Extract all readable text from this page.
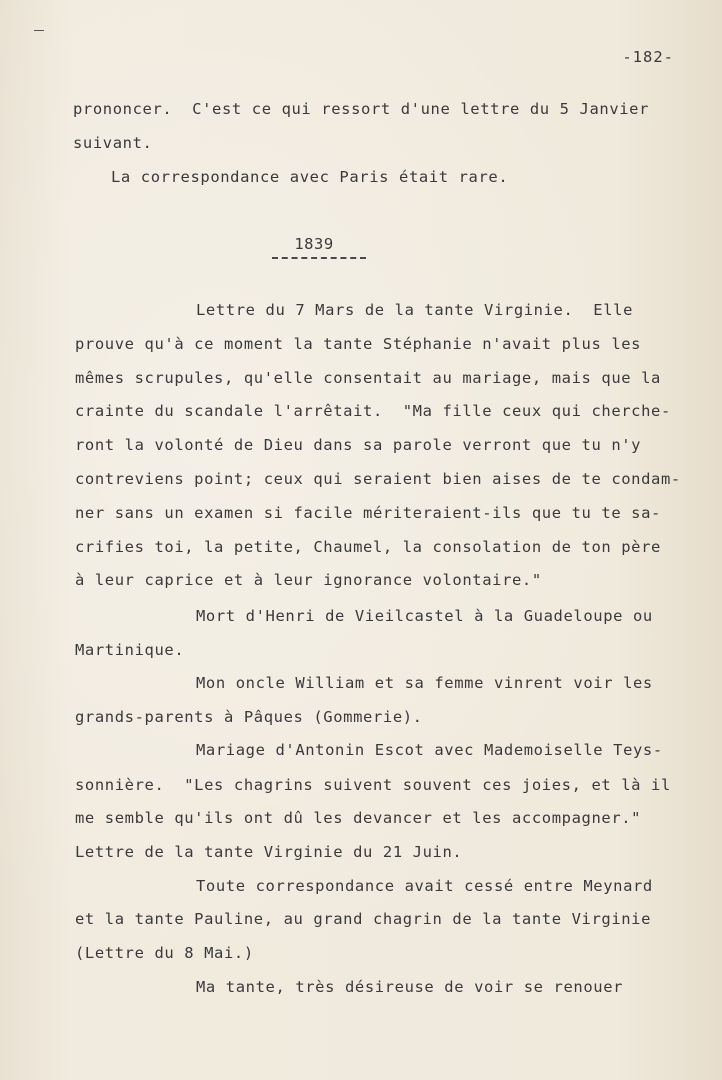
-182-
prononcer.  C'est ce qui ressort d'une lettre du 5 Janvier
suivant.
La correspondance avec Paris était rare.
1839
Lettre du 7 Mars de la tante Virginie.  Elle
prouve qu'à ce moment la tante Stéphanie n'avait plus les
mêmes scrupules, qu'elle consentait au mariage, mais que la
crainte du scandale l'arrêtait.  "Ma fille ceux qui cherche-
ront la volonté de Dieu dans sa parole verront que tu n'y
contreviens point; ceux qui seraient bien aises de te condam-
ner sans un examen si facile mériteraient-ils que tu te sa-
crifies toi, la petite, Chaumel, la consolation de ton père
à leur caprice et à leur ignorance volontaire."
Mort d'Henri de Vieilcastel à la Guadeloupe ou
Martinique.
Mon oncle William et sa femme vinrent voir les
grands-parents à Pâques (Gommerie).
Mariage d'Antonin Escot avec Mademoiselle Teys-
sonnière.  "Les chagrins suivent souvent ces joies, et là il
me semble qu'ils ont dû les devancer et les accompagner."
Lettre de la tante Virginie du 21 Juin.
Toute correspondance avait cessé entre Meynard
et la tante Pauline, au grand chagrin de la tante Virginie
(Lettre du 8 Mai.)
Ma tante, très désireuse de voir se renouer
